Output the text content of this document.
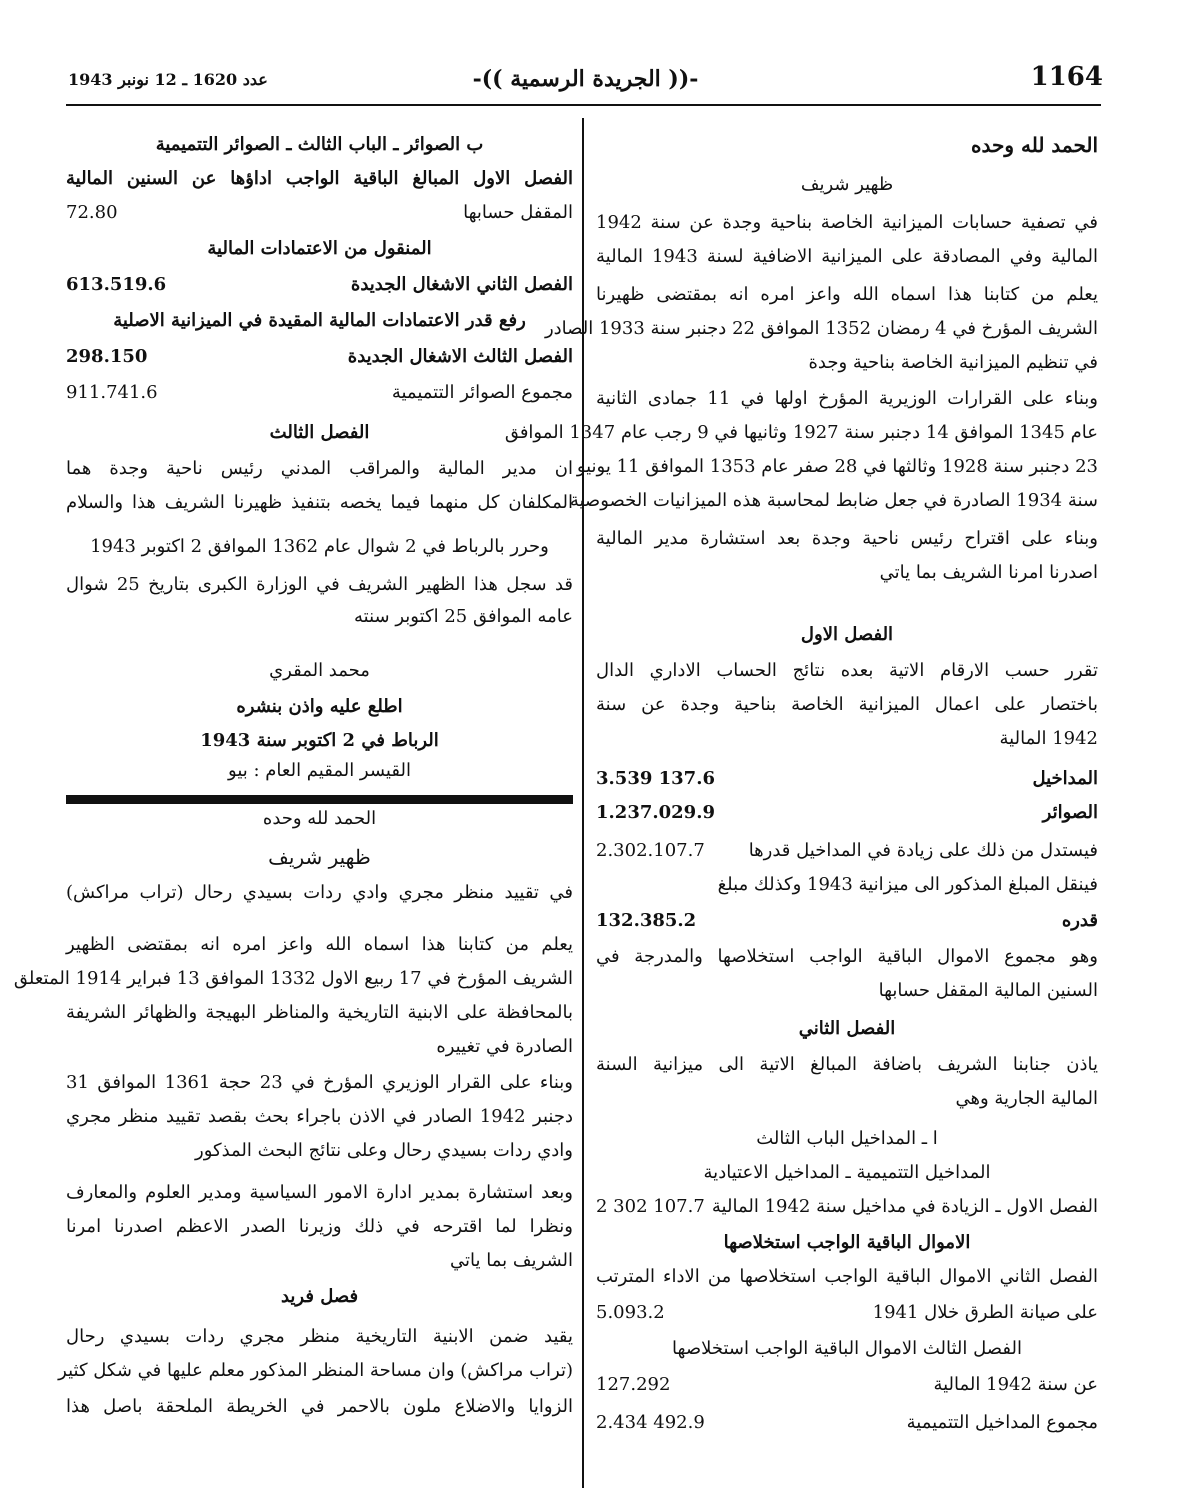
1164
-(( الجريدة الرسمية ))-
عدد 1620 ـ 12 نونبر 1943
الحمد لله وحده
ظهير شريف
في تصفية حسابات الميزانية الخاصة بناحية وجدة عن سنة 1942
المالية وفي المصادقة على الميزانية الاضافية لسنة 1943 المالية
يعلم من كتابنا هذا اسماه الله واعز امره انه بمقتضى ظهيرنا
الشريف المؤرخ في 4 رمضان 1352 الموافق 22 دجنبر سنة 1933 الصادر
في تنظيم الميزانية الخاصة بناحية وجدة
وبناء على القرارات الوزيرية المؤرخ اولها في 11 جمادى الثانية
عام 1345 الموافق 14 دجنبر سنة 1927 وثانيها في 9 رجب عام 1347 الموافق
23 دجنبر سنة 1928 وثالثها في 28 صفر عام 1353 الموافق 11 يونيو
سنة 1934 الصادرة في جعل ضابط لمحاسبة هذه الميزانيات الخصوصية
وبناء على اقتراح رئيس ناحية وجدة بعد استشارة مدير المالية
اصدرنا امرنا الشريف بما ياتي
الفصل الاول
تقرر حسب الارقام الاتية بعده نتائج الحساب الاداري الدال
باختصار على اعمال الميزانية الخاصة بناحية وجدة عن سنة
1942 المالية
المداخيل
3.539 137.6
الصوائر
1.237.029.9
فيستدل من ذلك على زيادة في المداخيل قدرها
2.302.107.7
فينقل المبلغ المذكور الى ميزانية 1943 وكذلك مبلغ
قدره
132.385.2
وهو مجموع الاموال الباقية الواجب استخلاصها والمدرجة في
السنين المالية المقفل حسابها
الفصل الثاني
ياذن جنابنا الشريف باضافة المبالغ الاتية الى ميزانية السنة
المالية الجارية وهي
ا ـ المداخيل الباب الثالث
المداخيل التتميمية ـ المداخيل الاعتيادية
الفصل الاول ـ الزيادة في مداخيل سنة 1942 المالية
2 302 107.7
الاموال الباقية الواجب استخلاصها
الفصل الثاني الاموال الباقية الواجب استخلاصها من الاداء المترتب
على صيانة الطرق خلال 1941
5.093.2
الفصل الثالث الاموال الباقية الواجب استخلاصها
عن سنة 1942 المالية
127.292
مجموع المداخيل التتميمية
2.434 492.9
ب الصوائر ـ الباب الثالث ـ الصوائر التتميمية
الفصل الاول المبالغ الباقية الواجب اداؤها عن السنين المالية
المقفل حسابها
72.80
المنقول من الاعتمادات المالية
الفصل الثاني الاشغال الجديدة
613.519.6
رفع قدر الاعتمادات المالية المقيدة في الميزانية الاصلية
الفصل الثالث الاشغال الجديدة
298.150
مجموع الصوائر التتميمية
911.741.6
الفصل الثالث
ان مدير المالية والمراقب المدني رئيس ناحية وجدة هما
المكلفان كل منهما فيما يخصه بتنفيذ ظهيرنا الشريف هذا والسلام
وحرر بالرباط في 2 شوال عام 1362 الموافق 2 اكتوبر 1943
قد سجل هذا الظهير الشريف في الوزارة الكبرى بتاريخ 25 شوال
عامه الموافق 25 اكتوبر سنته
محمد المقري
اطلع عليه واذن بنشره
الرباط في 2 اكتوبر سنة 1943
القيسر المقيم العام : بيو
الحمد لله وحده
ظهير شريف
في تقييد منظر مجري وادي ردات بسيدي رحال (تراب مراكش)
يعلم من كتابنا هذا اسماه الله واعز امره انه بمقتضى الظهير
الشريف المؤرخ في 17 ربيع الاول 1332 الموافق 13 فبراير 1914 المتعلق
بالمحافظة على الابنية التاريخية والمناظر البهيجة والظهائر الشريفة
الصادرة في تغييره
وبناء على القرار الوزيري المؤرخ في 23 حجة 1361 الموافق 31
دجنبر 1942 الصادر في الاذن باجراء بحث بقصد تقييد منظر مجري
وادي ردات بسيدي رحال وعلى نتائج البحث المذكور
وبعد استشارة بمدير ادارة الامور السياسية ومدير العلوم والمعارف
ونظرا لما اقترحه في ذلك وزيرنا الصدر الاعظم اصدرنا امرنا
الشريف بما ياتي
فصل فريد
يقيد ضمن الابنية التاريخية منظر مجري ردات بسيدي رحال
(تراب مراكش) وان مساحة المنظر المذكور معلم عليها في شكل كثير
الزوايا والاضلاع ملون بالاحمر في الخريطة الملحقة باصل هذا
